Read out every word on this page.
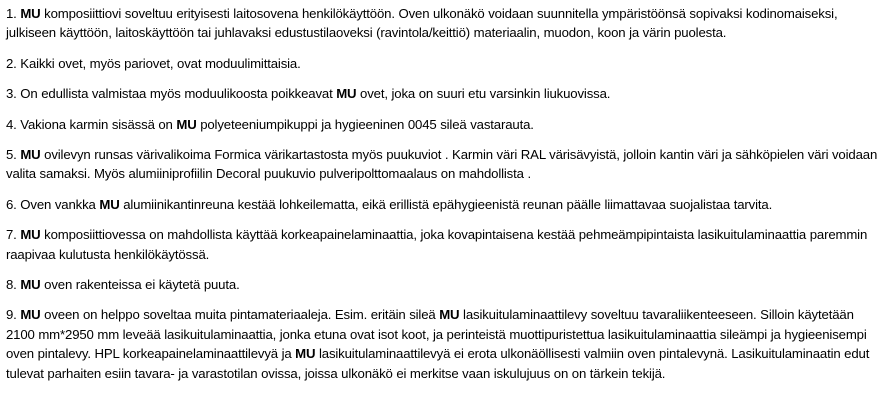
1. MU komposiittiovi soveltuu erityisesti laitosovena henkilökäyttöön. Oven ulkonäkö voidaan suunnitella ympäristöönsä sopivaksi kodinomaiseksi, julkiseen käyttöön, laitoskäyttöön tai juhlavaksi edustustilaoveksi (ravintola/keittiö) materiaalin, muodon, koon ja värin puolesta.

2. Kaikki ovet, myös pariovet, ovat moduulimittaisia.

3. On edullista valmistaa myös moduulikoosta poikkeavat MU ovet, joka on suuri etu varsinkin liukuovissa.

4. Vakiona karmin sisässä on MU polyeteeniumpikuppi ja hygieeninen 0045 sileä vastarauta.

5. MU ovilevyn runsas värivalikoima Formica värikartastosta myös puukuviot . Karmin väri RAL värisävyistä, jolloin kantin väri ja sähköpielen väri voidaan valita samaksi. Myös alumiiniprofiilin Decoral puukuvio pulveripolttomaalaus on mahdollista .

6. Oven vankka MU alumiinikantinreuna kestää lohkeilematta, eikä erillistä epähygieenistä reunan päälle liimattavaa suojalistaa tarvita.

7. MU komposiittiovessa on mahdollista käyttää korkeapainelaminaattia, joka kovapintaisena kestää pehmeämpipintaista lasikuitulaminaattia paremmin raapivaa kulutusta henkilökäytössä.

8. MU oven rakenteissa ei käytetä puuta.

9. MU oveen on helppo soveltaa muita pintamateriaaleja. Esim. eritäin sileä MU lasikuitulaminaattilevy soveltuu tavaraliikenteeseen. Silloin käytetään 2100 mm*2950 mm leveää lasikuitulaminaattia, jonka etuna ovat isot koot, ja perinteistä muottipuristettua lasikuitulaminaattia sileämpi ja hygieenisempi oven pintalevy. HPL korkeapainelaminaattilevyä ja MU lasikuitulaminaattilevyä ei erota ulkonäöllisesti valmiin oven pintalevynä. Lasikuitulaminaatin edut tulevat parhaiten esiin tavara- ja varastotilan ovissa, joissa ulkonäkö ei merkitse vaan iskulujuus on on tärkein tekijä.
